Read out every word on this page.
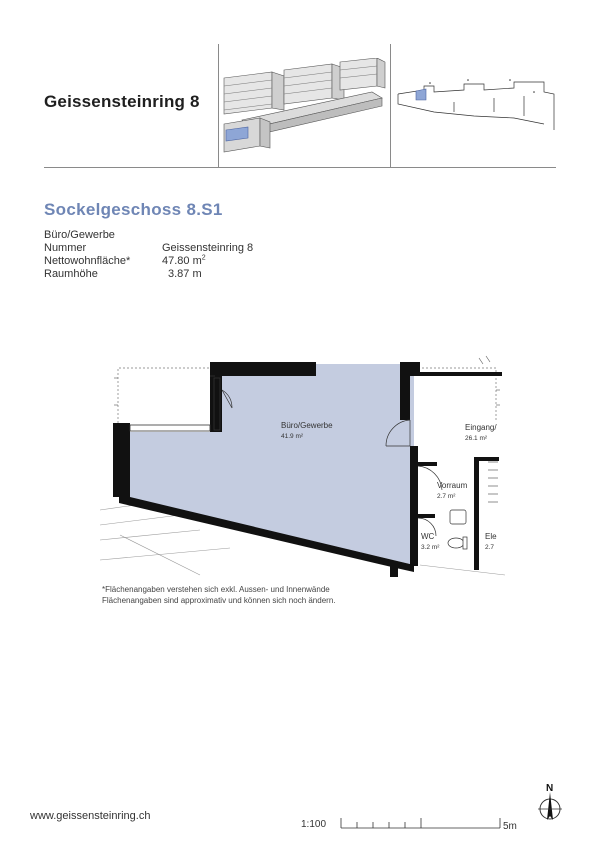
Geissensteinring 8
Sockelgeschoss 8.S1
Büro/Gewerbe
Nummer	Geissensteinring 8
Nettowohnfläche*	47.80 $m^2$
Raumhöhe	3.87 m
Büro/Gewerbe
41.9 m²
Eingang/
26.1 m²
Vorraum
2.7 m²
WC
3.2 m²
Ele
2.7
*Flächenangaben verstehen sich exkl. Aussen- und Innenwände
Flächenangaben sind approximativ und können sich noch ändern.
www.geissensteinring.ch
1:100	5m
N
